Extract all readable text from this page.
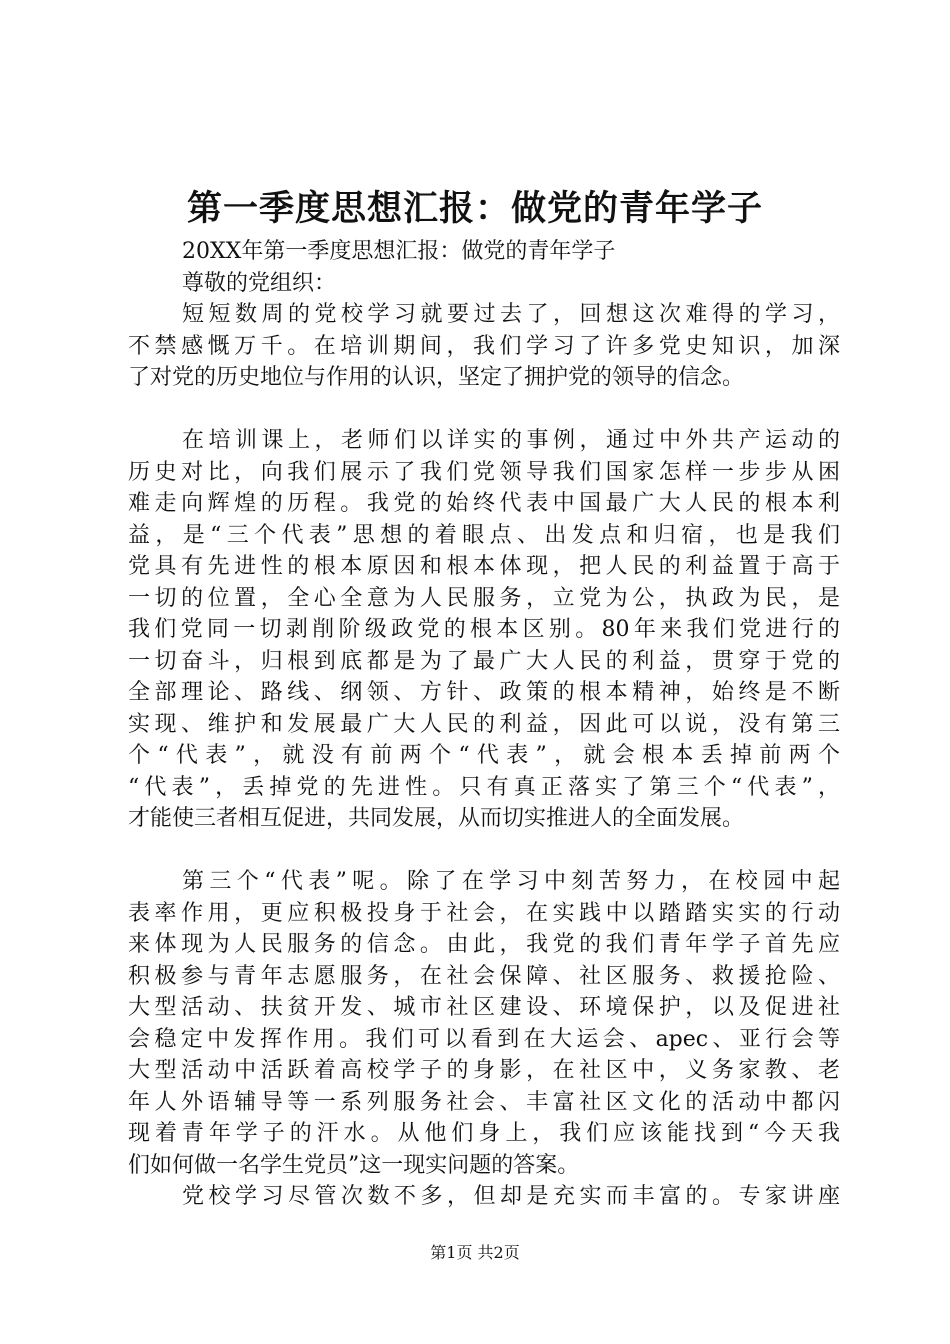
第一季度思想汇报：做党的青年学子
20XX年第一季度思想汇报：做党的青年学子
尊敬的党组织：
短短数周的党校学习就要过去了，回想这次难得的学习，
不禁感慨万千。在培训期间，我们学习了许多党史知识，加深
了对党的历史地位与作用的认识，坚定了拥护党的领导的信念。
在培训课上，老师们以详实的事例，通过中外共产运动的
历史对比，向我们展示了我们党领导我们国家怎样一步步从困
难走向辉煌的历程。我党的始终代表中国最广大人民的根本利
益，是“三个代表”思想的着眼点、出发点和归宿，也是我们
党具有先进性的根本原因和根本体现，把人民的利益置于高于
一切的位置，全心全意为人民服务，立党为公，执政为民，是
我们党同一切剥削阶级政党的根本区别。80年来我们党进行的
一切奋斗，归根到底都是为了最广大人民的利益，贯穿于党的
全部理论、路线、纲领、方针、政策的根本精神，始终是不断
实现、维护和发展最广大人民的利益，因此可以说，没有第三
个“代表”，就没有前两个“代表”，就会根本丢掉前两个
“代表”，丢掉党的先进性。只有真正落实了第三个“代表”，
才能使三者相互促进，共同发展，从而切实推进人的全面发展。
第三个“代表”呢。除了在学习中刻苦努力，在校园中起
表率作用，更应积极投身于社会，在实践中以踏踏实实的行动
来体现为人民服务的信念。由此，我党的我们青年学子首先应
积极参与青年志愿服务，在社会保障、社区服务、救援抢险、
大型活动、扶贫开发、城市社区建设、环境保护，以及促进社
会稳定中发挥作用。我们可以看到在大运会、apec、亚行会等
大型活动中活跃着高校学子的身影，在社区中，义务家教、老
年人外语辅导等一系列服务社会、丰富社区文化的活动中都闪
现着青年学子的汗水。从他们身上，我们应该能找到“今天我
们如何做一名学生党员”这一现实问题的答案。
党校学习尽管次数不多，但却是充实而丰富的。专家讲座
第1页 共2页
